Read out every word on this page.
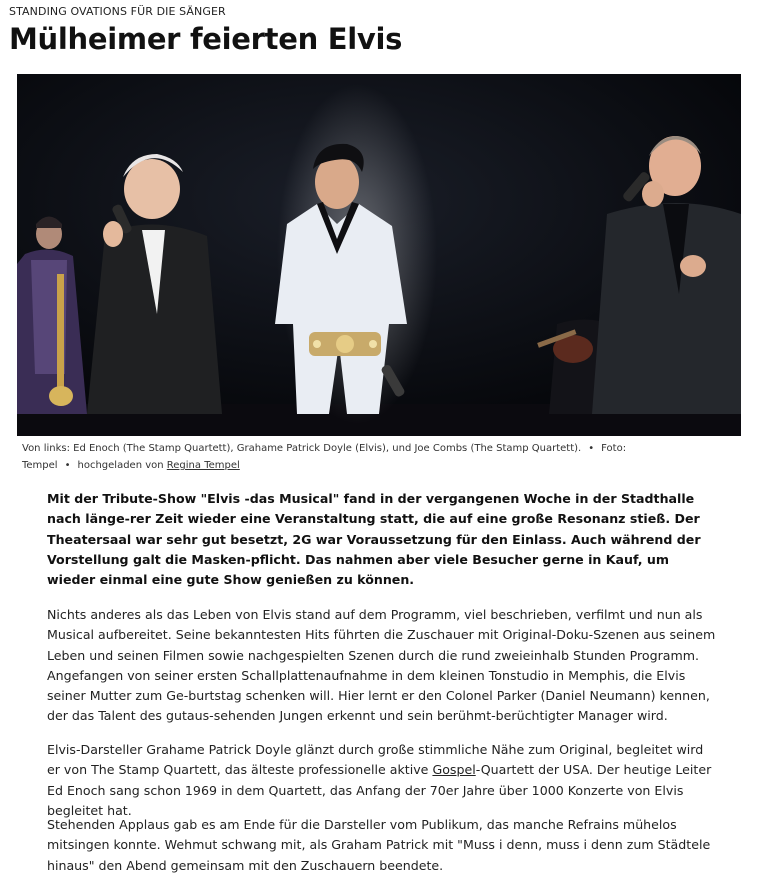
STANDING OVATIONS FÜR DIE SÄNGER
Mülheimer feierten Elvis
Von links: Ed Enoch (The Stamp Quartett), Grahame Patrick Doyle (Elvis), und Joe Combs (The Stamp Quartett). • Foto: Tempel • hochgeladen von Regina Tempel

Mit der Tribute-Show "Elvis -das Musical" fand in der vergangenen Woche in der Stadthalle nach länge-rer Zeit wieder eine Veranstaltung statt, die auf eine große Resonanz stieß. Der Theatersaal war sehr gut besetzt, 2G war Voraussetzung für den Einlass. Auch während der Vorstellung galt die Masken-pflicht. Das nahmen aber viele Besucher gerne in Kauf, um wieder einmal eine gute Show genießen zu können.

Nichts anderes als das Leben von Elvis stand auf dem Programm, viel beschrieben, verfilmt und nun als Musical aufbereitet. Seine bekanntesten Hits führten die Zuschauer mit Original-Doku-Szenen aus seinem Leben und seinen Filmen sowie nachgespielten Szenen durch die rund zweieinhalb Stunden Programm. Angefangen von seiner ersten Schallplattenaufnahme in dem kleinen Tonstudio in Memphis, die Elvis seiner Mutter zum Ge-burtstag schenken will. Hier lernt er den Colonel Parker (Daniel Neumann) kennen, der das Talent des gutaus-sehenden Jungen erkennt und sein berühmt-berüchtigter Manager wird.

Elvis-Darsteller Grahame Patrick Doyle glänzt durch große stimmliche Nähe zum Original, begleitet wird er von The Stamp Quartett, das älteste professionelle aktive Gospel-Quartett der USA. Der heutige Leiter Ed Enoch sang schon 1969 in dem Quartett, das Anfang der 70er Jahre über 1000 Konzerte von Elvis begleitet hat.

Stehenden Applaus gab es am Ende für die Darsteller vom Publikum, das manche Refrains mühelos mitsingen konnte. Wehmut schwang mit, als Graham Patrick mit "Muss i denn, muss i denn zum Städtele hinaus" den Abend gemeinsam mit den Zuschauern beendete.
